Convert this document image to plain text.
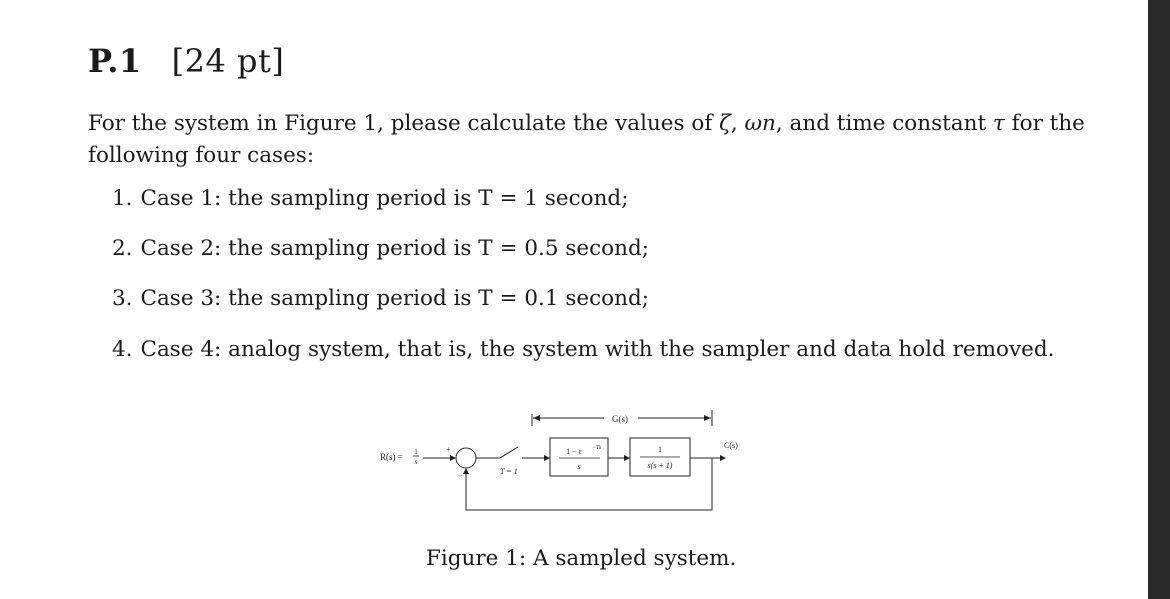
P.1 [24 pt]
For the system in Figure 1, please calculate the values of ζ, ωn, and time constant τ for the following four cases:
1. Case 1: the sampling period is T = 1 second;
2. Case 2: the sampling period is T = 0.5 second;
3. Case 3: the sampling period is T = 0.1 second;
4. Case 4: analog system, that is, the system with the sampler and data hold removed.
G(s)
R(s) = 1
s
+
−	T = 1
1 − ε −Ts
s
1
s(s + 1)
C(s)
Figure 1: A sampled system.
